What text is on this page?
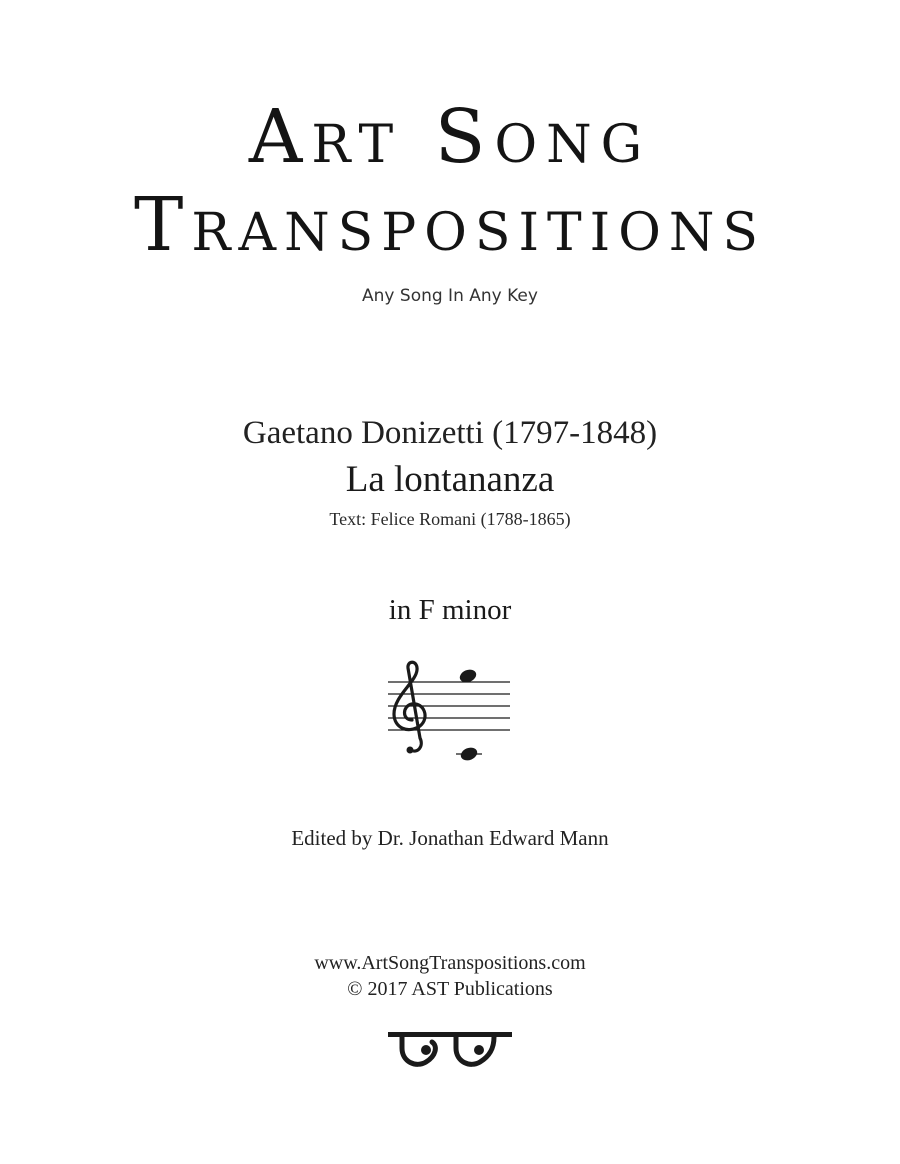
Art Song
Transpositions
Any Song In Any Key
Gaetano Donizetti (1797-1848)
La lontananza
Text: Felice Romani (1788-1865)
in F minor
Edited by Dr. Jonathan Edward Mann
www.ArtSongTranspositions.com
© 2017 AST Publications
